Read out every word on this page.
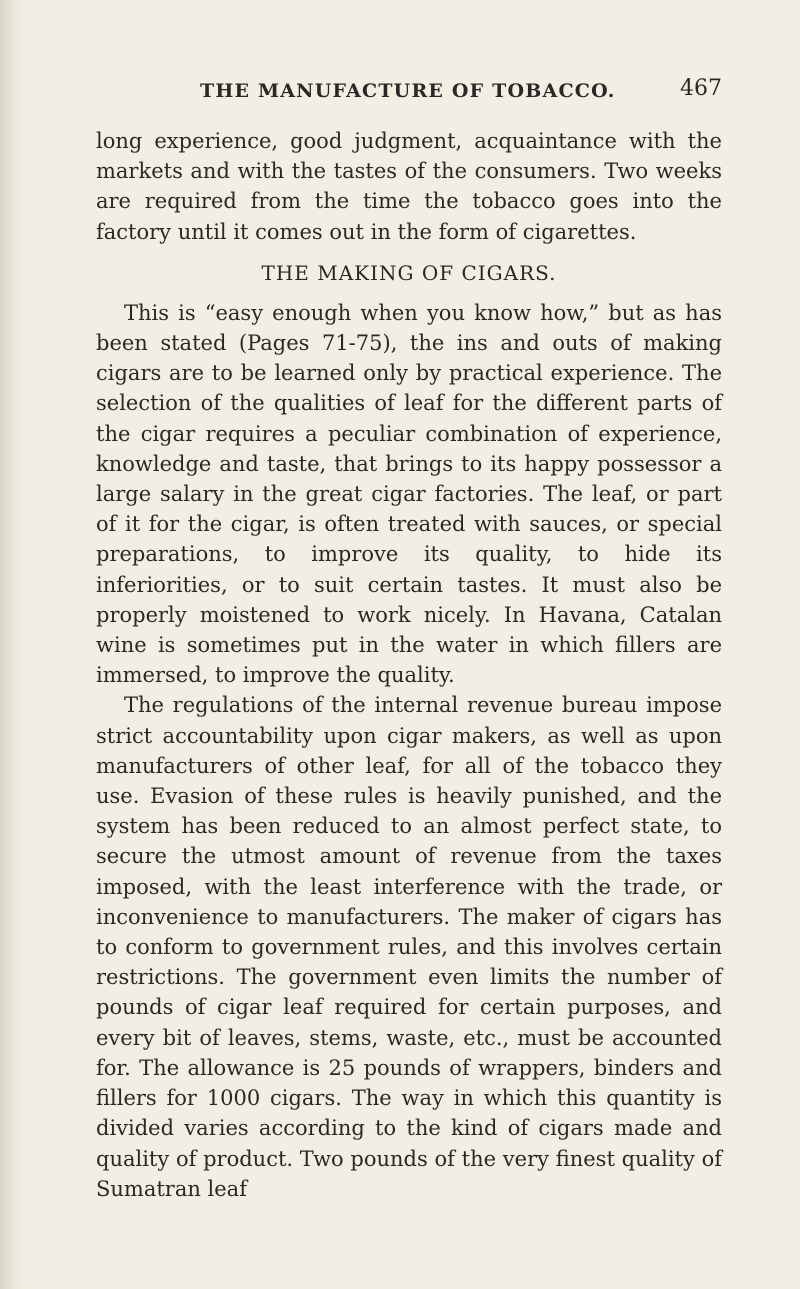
THE MANUFACTURE OF TOBACCO.	467

long experience, good judgment, acquaintance with the markets and with the tastes of the consumers. Two weeks are required from the time the tobacco goes into the factory until it comes out in the form of cigarettes.

THE MAKING OF CIGARS.

This is “easy enough when you know how,” but as has been stated (Pages 71-75), the ins and outs of making cigars are to be learned only by practical experience. The selection of the qualities of leaf for the different parts of the cigar requires a peculiar combination of experience, knowledge and taste, that brings to its happy possessor a large salary in the great cigar factories. The leaf, or part of it for the cigar, is often treated with sauces, or special preparations, to improve its quality, to hide its inferiorities, or to suit certain tastes. It must also be properly moistened to work nicely. In Havana, Catalan wine is sometimes put in the water in which fillers are immersed, to improve the quality.

The regulations of the internal revenue bureau impose strict accountability upon cigar makers, as well as upon manufacturers of other leaf, for all of the tobacco they use. Evasion of these rules is heavily punished, and the system has been reduced to an almost perfect state, to secure the utmost amount of revenue from the taxes imposed, with the least interference with the trade, or inconvenience to manufacturers. The maker of cigars has to conform to government rules, and this involves certain restrictions. The government even limits the number of pounds of cigar leaf required for certain purposes, and every bit of leaves, stems, waste, etc., must be accounted for. The allowance is 25 pounds of wrappers, binders and fillers for 1000 cigars. The way in which this quantity is divided varies according to the kind of cigars made and quality of product. Two pounds of the very finest quality of Sumatran leaf
